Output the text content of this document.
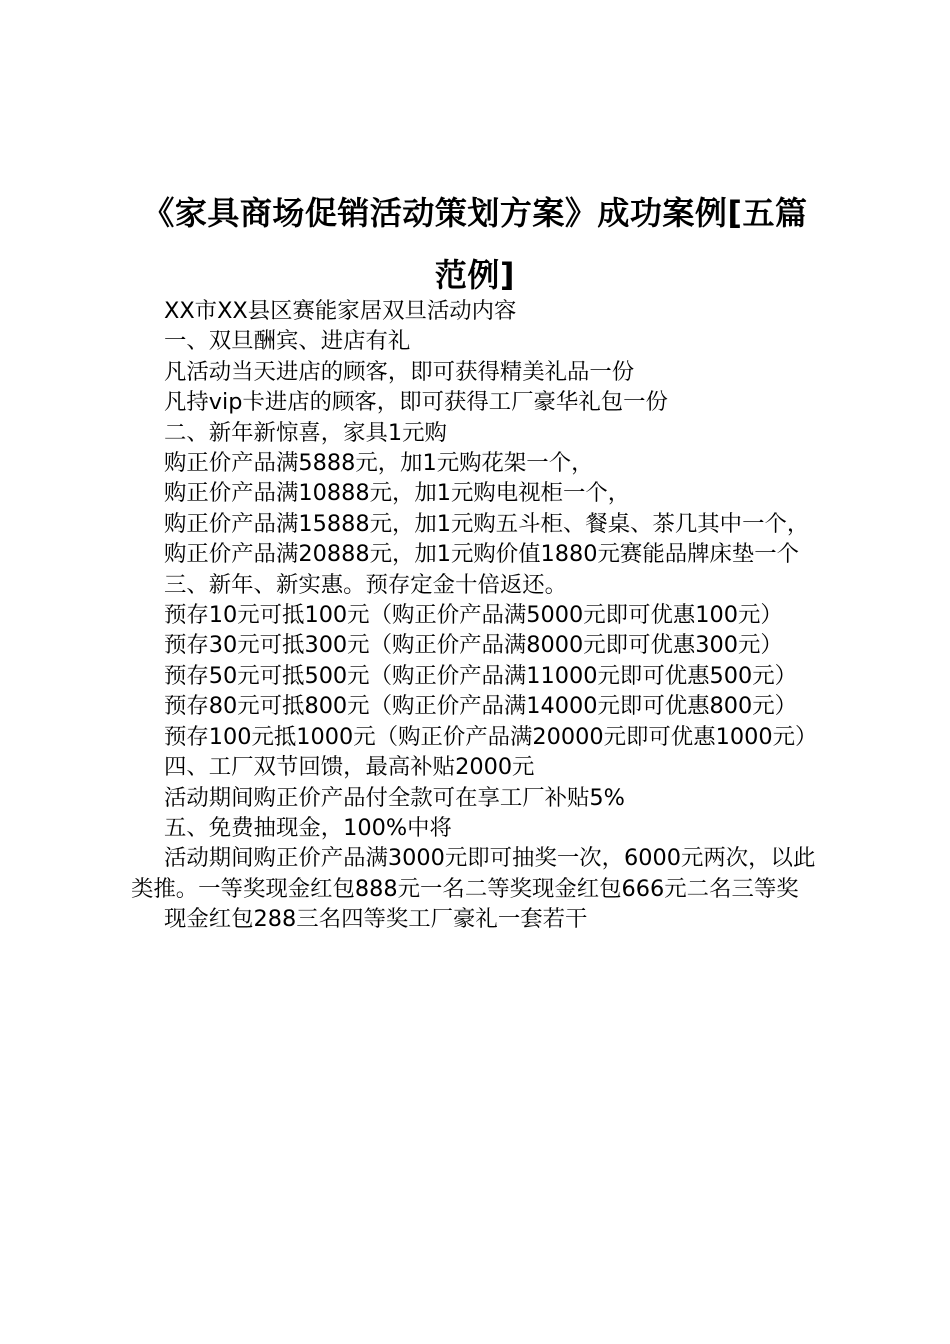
《家具商场促销活动策划方案》成功案例[五篇范例]

XX市XX县区赛能家居双旦活动内容

一、双旦酬宾、进店有礼

凡活动当天进店的顾客，即可获得精美礼品一份

凡持vip卡进店的顾客，即可获得工厂豪华礼包一份

二、新年新惊喜，家具1元购

购正价产品满5888元，加1元购花架一个，

购正价产品满10888元，加1元购电视柜一个，

购正价产品满15888元，加1元购五斗柜、餐桌、茶几其中一个，

购正价产品满20888元，加1元购价值1880元赛能品牌床垫一个

三、新年、新实惠。预存定金十倍返还。

预存10元可抵100元（购正价产品满5000元即可优惠100元）

预存30元可抵300元（购正价产品满8000元即可优惠300元）

预存50元可抵500元（购正价产品满11000元即可优惠500元）

预存80元可抵800元（购正价产品满14000元即可优惠800元）

预存100元抵1000元（购正价产品满20000元即可优惠1000元）

四、工厂双节回馈，最高补贴2000元

活动期间购正价产品付全款可在享工厂补贴5%

五、免费抽现金，100%中将

活动期间购正价产品满3000元即可抽奖一次，6000元两次，以此类推。一等奖现金红包888元一名二等奖现金红包666元二名三等奖

现金红包288三名四等奖工厂豪礼一套若干
